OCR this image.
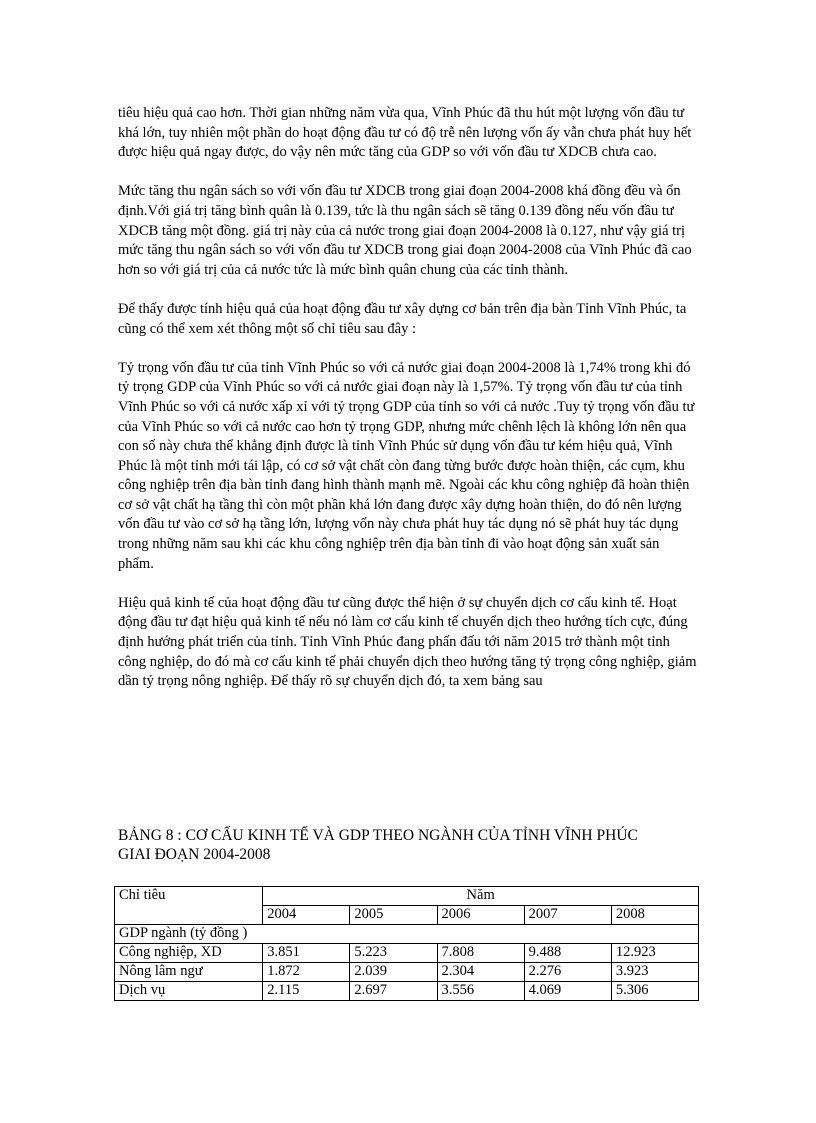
tiêu hiệu quả cao hơn. Thời gian những năm vừa qua, Vĩnh Phúc đã thu hút một lượng vốn đầu tư khá lớn, tuy nhiên một phần do hoạt động đầu tư có độ trễ nên lượng vốn ấy vẫn chưa phát huy hết được hiệu quả ngay được, do vậy nên mức tăng của GDP so với vốn đầu tư XDCB chưa cao.

Mức tăng thu ngân sách so với vốn đầu tư XDCB trong giai đoạn 2004-2008 khá đồng đều và ổn định.Với giá trị tăng bình quân là 0.139, tức là thu ngân sách sẽ tăng 0.139 đồng nếu vốn đầu tư XDCB tăng một đồng. giá trị này của cả nước trong giai đoạn 2004-2008 là 0.127, như vậy giá trị mức tăng thu ngân sách so với vốn đầu tư XDCB trong giai đoạn 2004-2008 của Vĩnh Phúc đã cao hơn so với giá trị của cả nước tức là mức bình quân chung của các tỉnh thành.

Để thấy được tính hiệu quả của hoạt động đầu tư xây dựng cơ bản trên địa bàn Tỉnh Vĩnh Phúc, ta cũng có thể xem xét thông một số chỉ tiêu sau đây :

Tỷ trọng vốn đầu tư của tỉnh Vĩnh Phúc so với cả nước giai đoạn 2004-2008 là 1,74% trong khi đó tỷ trọng GDP của Vĩnh Phúc so với cả nước giai đoạn này là 1,57%. Tỷ trọng vốn đầu tư của tỉnh Vĩnh Phúc so với cả nước xấp xỉ với tỷ trọng GDP của tỉnh so với cả nước .Tuy tỷ trọng vốn đầu tư của Vĩnh Phúc so với cả nước cao hơn tỷ trọng GDP, nhưng mức chênh lệch là không lớn nên qua con số này chưa thể khẳng định được là tỉnh Vĩnh Phúc sử dụng vốn đầu tư kém hiệu quả, Vĩnh Phúc là một tỉnh mới tái lập, có cơ sở vật chất còn đang từng bước được hoàn thiện, các cụm, khu công nghiệp trên địa bàn tỉnh đang hình thành mạnh mẽ. Ngoài các khu công nghiệp đã hoàn thiện cơ sở vật chất hạ tầng thì còn một phần khá lớn đang được xây dựng hoàn thiện, do đó nên lượng vốn đầu tư vào cơ sở hạ tầng lớn, lượng vốn này chưa phát huy tác dụng nó sẽ phát huy tác dụng trong những năm sau khi các khu công nghiệp trên địa bàn tỉnh đi vào hoạt động sản xuất sản phẩm.

Hiệu quả kinh tế của hoạt động đầu tư cũng được thể hiện ở sự chuyển dịch cơ cấu kinh tế. Hoạt động đầu tư đạt hiệu quả kinh tế nếu nó làm cơ cấu kinh tế chuyển dịch theo hướng tích cực, đúng định hướng phát triển của tỉnh. Tỉnh Vĩnh Phúc đang phấn đấu tới năm 2015 trở thành một tỉnh công nghiệp, do đó mà cơ cấu kinh tế phải chuyển dịch theo hướng tăng tỷ trọng công nghiệp, giảm dần tỷ trọng nông nghiệp. Để thấy rõ sự chuyển dịch đó, ta xem bảng sau

BẢNG 8 : CƠ CẤU KINH TẾ VÀ GDP THEO NGÀNH CỦA TỈNH VĨNH PHÚC

GIAI ĐOẠN 2004-2008

Chỉ tiêu	Năm				
	2004	2005	2006	2007	2008
GDP ngành (tỷ đồng )					
Công nghiệp, XD	3.851	5.223	7.808	9.488	12.923
Nông lâm ngư	1.872	2.039	2.304	2.276	3.923
Dịch vụ	2.115	2.697	3.556	4.069	5.306
